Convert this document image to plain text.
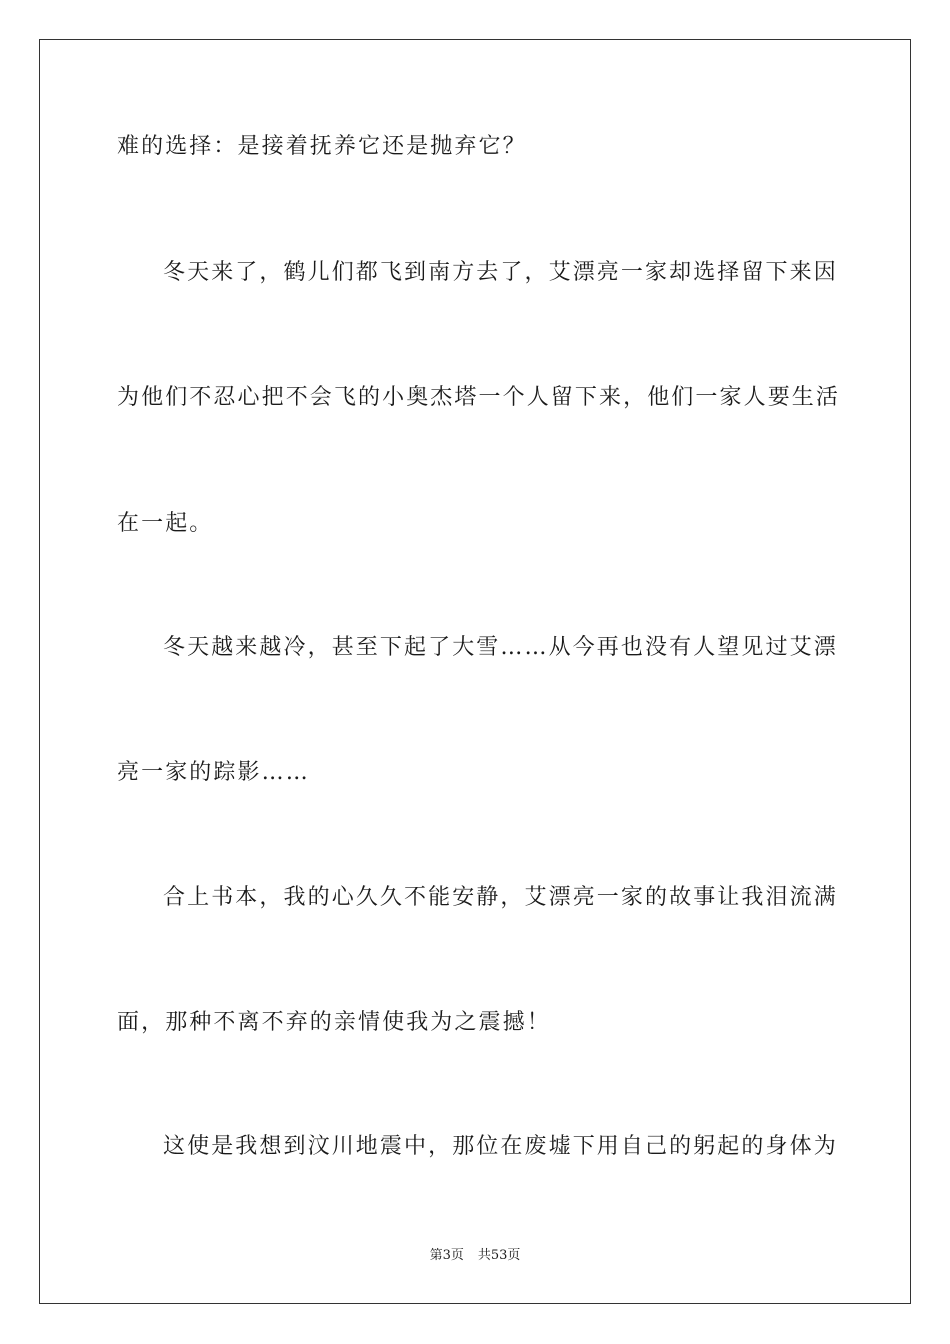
难的选择：是接着抚养它还是抛弃它？
冬天来了，鹤儿们都飞到南方去了，艾漂亮一家却选择留下来因
为他们不忍心把不会飞的小奥杰塔一个人留下来，他们一家人要生活
在一起。
冬天越来越冷，甚至下起了大雪……从今再也没有人望见过艾漂
亮一家的踪影……
合上书本，我的心久久不能安静，艾漂亮一家的故事让我泪流满
面，那种不离不弃的亲情使我为之震撼！
这使是我想到汶川地震中，那位在废墟下用自己的躬起的身体为
第3页 共53页
